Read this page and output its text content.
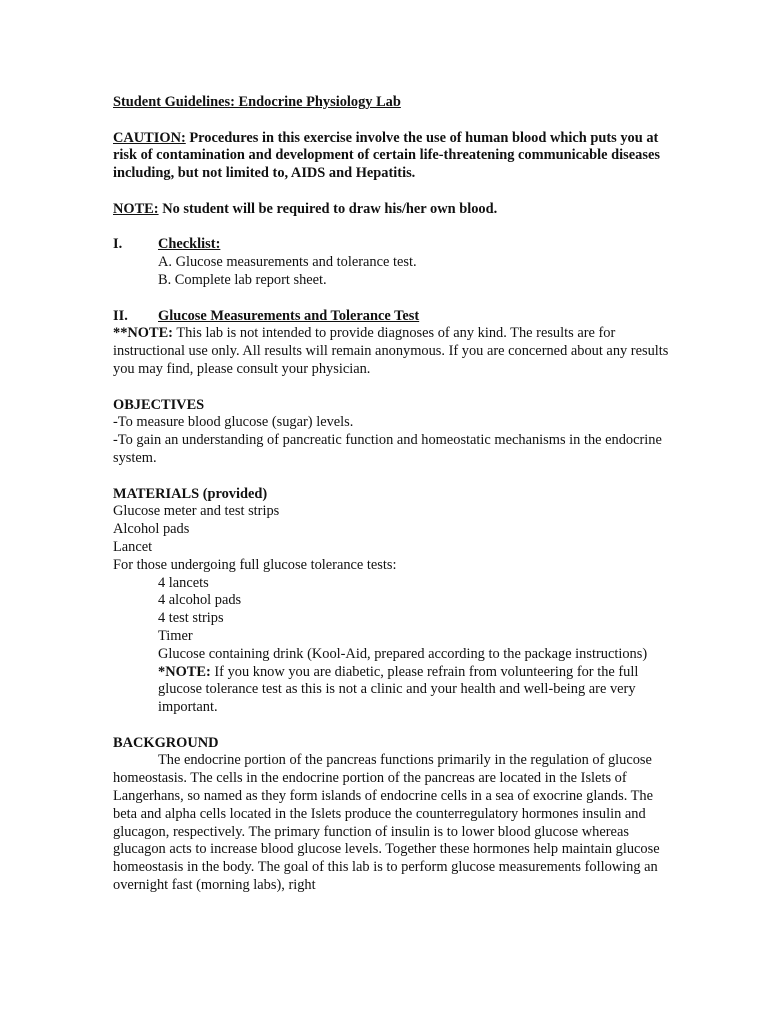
Student Guidelines: Endocrine Physiology Lab

CAUTION: Procedures in this exercise involve the use of human blood which puts you at risk of contamination and development of certain life-threatening communicable diseases including, but not limited to, AIDS and Hepatitis.

NOTE: No student will be required to draw his/her own blood.

I. Checklist:

A. Glucose measurements and tolerance test.

B. Complete lab report sheet.

II. Glucose Measurements and Tolerance Test

**NOTE: This lab is not intended to provide diagnoses of any kind. The results are for instructional use only. All results will remain anonymous. If you are concerned about any results you may find, please consult your physician.

OBJECTIVES

-To measure blood glucose (sugar) levels.

-To gain an understanding of pancreatic function and homeostatic mechanisms in the endocrine system.

MATERIALS (provided)

Glucose meter and test strips

Alcohol pads

Lancet

For those undergoing full glucose tolerance tests:

4 lancets

4 alcohol pads

4 test strips

Timer

Glucose containing drink (Kool-Aid, prepared according to the package instructions)

*NOTE: If you know you are diabetic, please refrain from volunteering for the full glucose tolerance test as this is not a clinic and your health and well-being are very important.

BACKGROUND

The endocrine portion of the pancreas functions primarily in the regulation of glucose homeostasis. The cells in the endocrine portion of the pancreas are located in the Islets of Langerhans, so named as they form islands of endocrine cells in a sea of exocrine glands. The beta and alpha cells located in the Islets produce the counterregulatory hormones insulin and glucagon, respectively. The primary function of insulin is to lower blood glucose whereas glucagon acts to increase blood glucose levels. Together these hormones help maintain glucose homeostasis in the body. The goal of this lab is to perform glucose measurements following an overnight fast (morning labs), right
